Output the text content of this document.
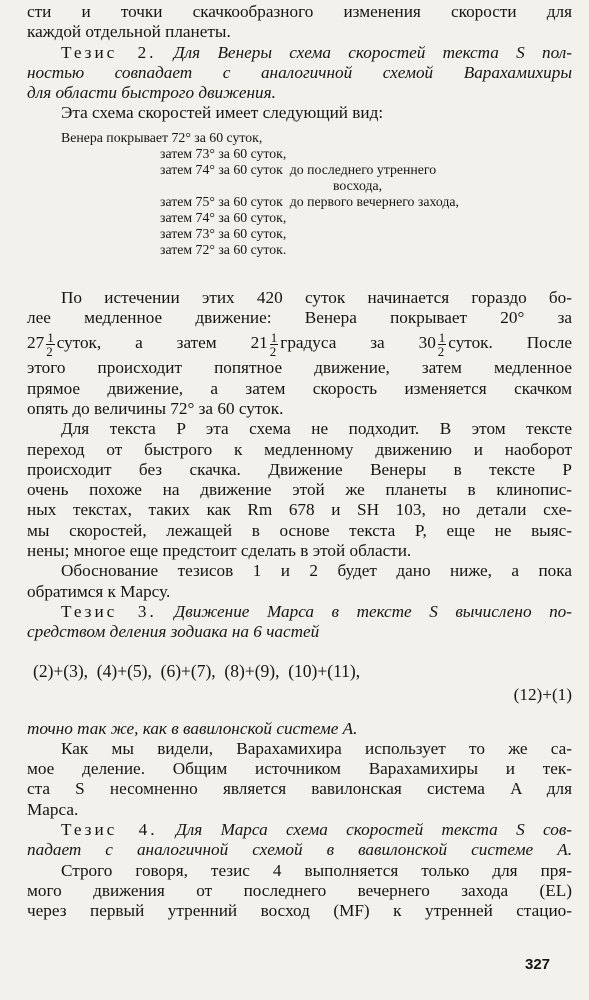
сти и точки скачкообразного изменения скорости для

каждой отдельной планеты.

Тезис 2. Для Венеры схема скоростей текста S пол-

ностью совпадает с аналогичной схемой Варахамихиры

для области быстрого движения.

Эта схема скоростей имеет следующий вид:

Венера покрывает 72° за 60 суток,
затем 73° за 60 суток,
затем 74° за 60 суток  до последнего утреннего
восхода,
затем 75° за 60 суток  до первого вечернего захода,
затем 74° за 60 суток,
затем 73° за 60 суток,
затем 72° за 60 суток.

По истечении этих 420 суток начинается гораздо бо-

лее медленное движение: Венера покрывает 20° за

$27 \frac{1}{2}$ суток, а затем $21 \frac{1}{2}$ градуса за $30 \frac{1}{2}$ суток. После

этого происходит попятное движение, затем медленное

прямое движение, а затем скорость изменяется скачком

опять до величины 72° за 60 суток.

Для текста P эта схема не подходит. В этом тексте

переход от быстрого к медленному движению и наоборот

происходит без скачка. Движение Венеры в тексте P

очень похоже на движение этой же планеты в клинопис-

ных текстах, таких как Rm 678 и SH 103, но детали схе-

мы скоростей, лежащей в основе текста P, еще не выяс-

нены; многое еще предстоит сделать в этой области.

Обоснование тезисов 1 и 2 будет дано ниже, а пока

обратимся к Марсу.

Тезис 3. Движение Марса в тексте S вычислено по-

средством деления зодиака на 6 частей

(2)+(3),  (4)+(5),  (6)+(7),  (8)+(9),  (10)+(11),
(12)+(1)

точно так же, как в вавилонской системе A.

Как мы видели, Варахамихира использует то же са-

мое деление. Общим источником Варахамихиры и тек-

ста S несомненно является вавилонская система A для

Марса.

Тезис 4. Для Марса схема скоростей текста S сов-

падает с аналогичной схемой в вавилонской системе A.

Строго говоря, тезис 4 выполняется только для пря-

мого движения от последнего вечернего захода (EL)

через первый утренний восход (MF) к утренней стацио-

327
